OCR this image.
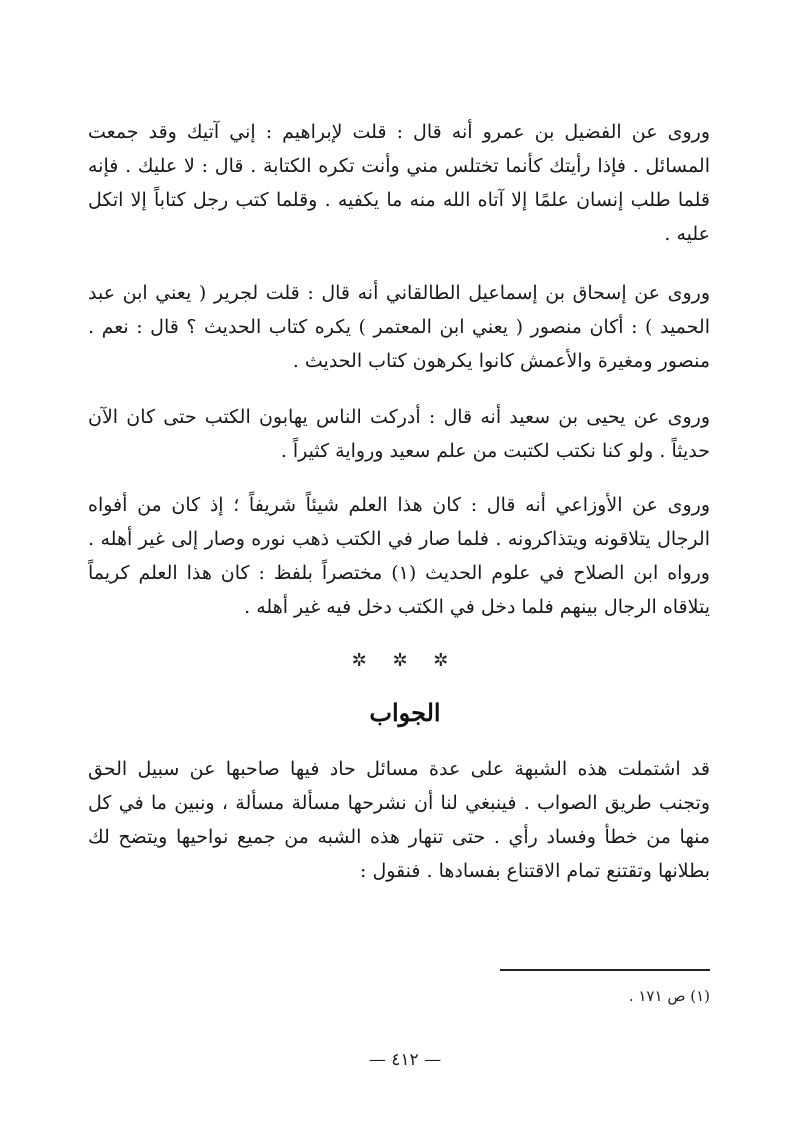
وروى عن الفضيل بن عمرو أنه قال : قلت لإبراهيم : إني آتيك وقد جمعت المسائل . فإذا رأيتك كأنما تختلس مني وأنت تكره الكتابة . قال : لا عليك . فإنه قلما طلب إنسان علمًا إلا آتاه الله منه ما يكفيه . وقلما كتب رجل كتاباً إلا اتكل عليه .

وروى عن إسحاق بن إسماعيل الطالقاني أنه قال : قلت لجرير ( يعني ابن عبد الحميد ) : أكان منصور ( يعني ابن المعتمر ) يكره كتاب الحديث ؟ قال : نعم . منصور ومغيرة والأعمش كانوا يكرهون كتاب الحديث .

وروى عن يحيى بن سعيد أنه قال : أدركت الناس يهابون الكتب حتى كان الآن حديثاً . ولو كنا نكتب لكتبت من علم سعيد ورواية كثيراً .

وروى عن الأوزاعي أنه قال : كان هذا العلم شيئاً شريفاً ؛ إذ كان من أفواه الرجال يتلاقونه ويتذاكرونه . فلما صار في الكتب ذهب نوره وصار إلى غير أهله . ورواه ابن الصلاح في علوم الحديث (١) مختصراً بلفظ : كان هذا العلم كريماً يتلاقاه الرجال بينهم فلما دخل في الكتب دخل فيه غير أهله .

✲ ✲ ✲
الجواب

قد اشتملت هذه الشبهة على عدة مسائل حاد فيها صاحبها عن سبيل الحق وتجنب طريق الصواب . فينبغي لنا أن نشرحها مسألة مسألة ، ونبين ما في كل منها من خطأ وفساد رأي . حتى تنهار هذه الشبه من جميع نواحيها ويتضح لك بطلانها وتقتنع تمام الاقتناع بفسادها . فنقول :

(١) ص ١٧١ .
— ٤١٢ —
